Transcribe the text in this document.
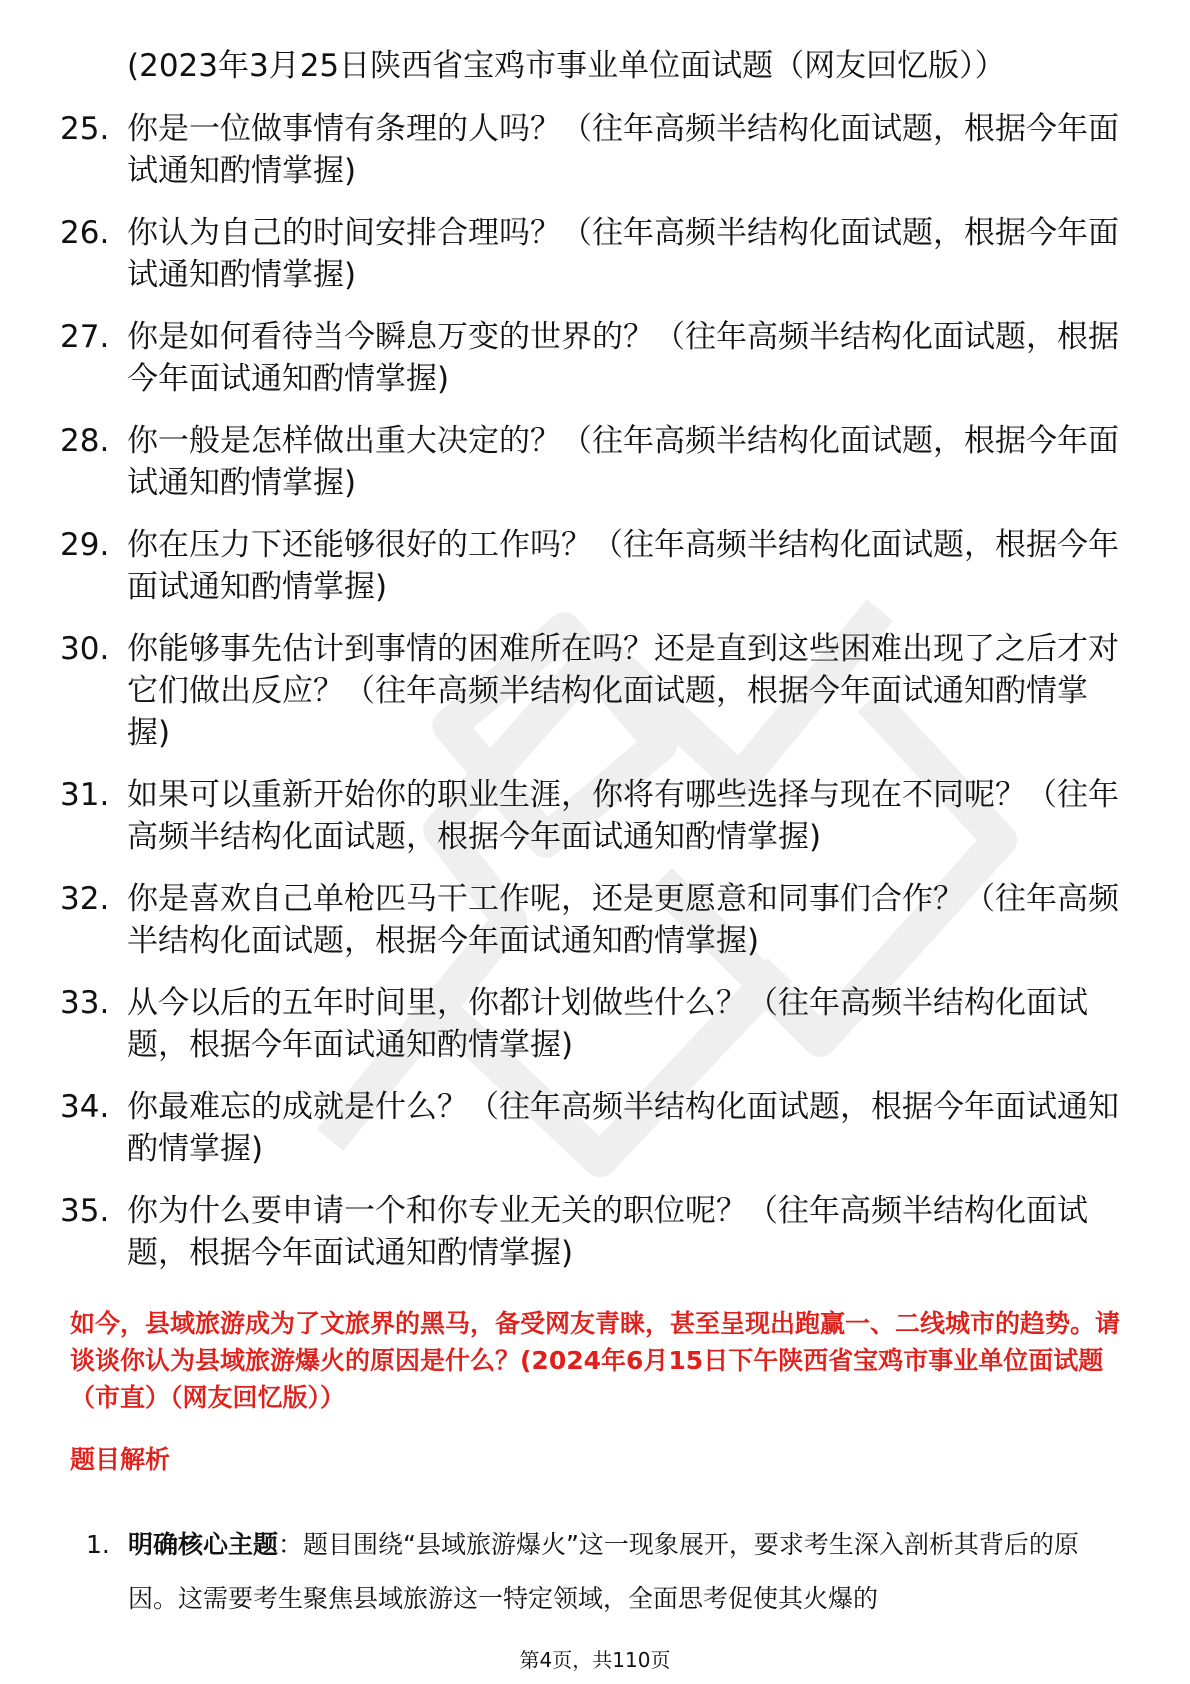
(2023年3月25日陕西省宝鸡市事业单位面试题（网友回忆版））
25. 你是一位做事情有条理的人吗？（往年高频半结构化面试题，根据今年面试通知酌情掌握)
26. 你认为自己的时间安排合理吗？（往年高频半结构化面试题，根据今年面试通知酌情掌握)
27. 你是如何看待当今瞬息万变的世界的？（往年高频半结构化面试题，根据今年面试通知酌情掌握)
28. 你一般是怎样做出重大决定的？（往年高频半结构化面试题，根据今年面试通知酌情掌握)
29. 你在压力下还能够很好的工作吗？（往年高频半结构化面试题，根据今年面试通知酌情掌握)
30. 你能够事先估计到事情的困难所在吗？还是直到这些困难出现了之后才对它们做出反应？（往年高频半结构化面试题，根据今年面试通知酌情掌握)
31. 如果可以重新开始你的职业生涯，你将有哪些选择与现在不同呢？（往年高频半结构化面试题，根据今年面试通知酌情掌握)
32. 你是喜欢自己单枪匹马干工作呢，还是更愿意和同事们合作？（往年高频半结构化面试题，根据今年面试通知酌情掌握)
33. 从今以后的五年时间里，你都计划做些什么？（往年高频半结构化面试题，根据今年面试通知酌情掌握)
34. 你最难忘的成就是什么？（往年高频半结构化面试题，根据今年面试通知酌情掌握)
35. 你为什么要申请一个和你专业无关的职位呢？（往年高频半结构化面试题，根据今年面试通知酌情掌握)
如今，县域旅游成为了文旅界的黑马，备受网友青睐，甚至呈现出跑赢一、二线城市的趋势。请谈谈你认为县域旅游爆火的原因是什么？(2024年6月15日下午陕西省宝鸡市事业单位面试题（市直）（网友回忆版））
题目解析
1. 明确核心主题：题目围绕“县域旅游爆火”这一现象展开，要求考生深入剖析其背后的原因。这需要考生聚焦县域旅游这一特定领域，全面思考促使其火爆的
第4页，共110页
